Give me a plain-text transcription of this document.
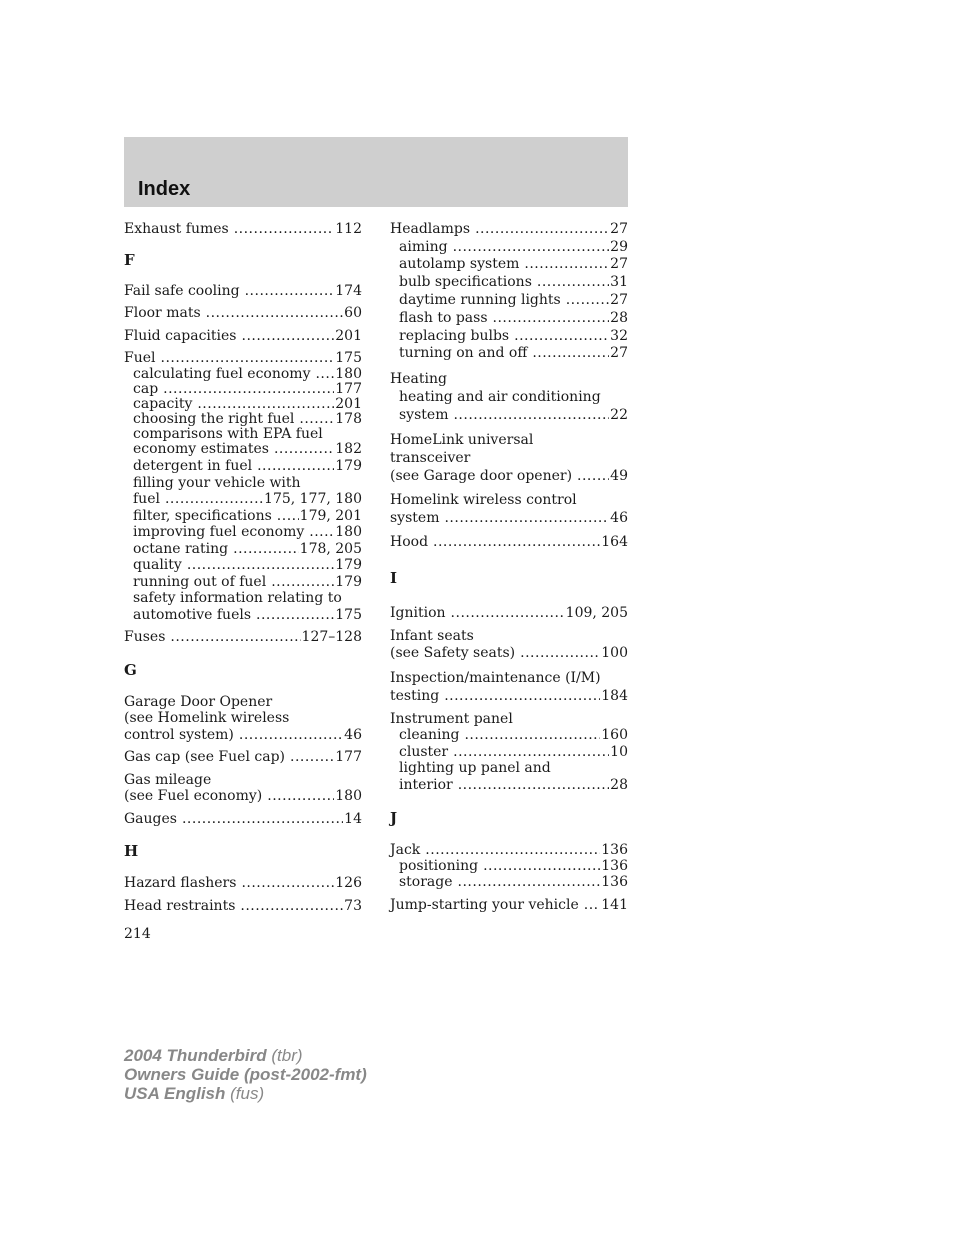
Index
Exhaust fumes .....	112
F
Fail safe cooling .....	174
Floor mats .....	60
Fluid capacities .....	201
Fuel .....	175
calculating fuel economy ..... 180
cap .....	177
capacity .....	201
choosing the right fuel .....	178
comparisons with EPA fuel
economy estimates .....	182
detergent in fuel .....	179
filling your vehicle with
fuel .....	175, 177, 180
filter, specifications ..... 179, 201
improving fuel economy ..... 180
octane rating .....	178, 205
quality .....	179
running out of fuel .....	179
safety information relating to
automotive fuels .....	175
Fuses .....	127–128
G
Garage Door Opener
(see Homelink wireless
control system) .....	46
Gas cap (see Fuel cap) .....	177
Gas mileage
(see Fuel economy) .....	180
Gauges .....	14
H
Hazard flashers .....	126
Head restraints .....	73
Headlamps .....	27
aiming .....	29
autolamp system .....	27
bulb specifications .....	31
daytime running lights .....	27
flash to pass .....	28
replacing bulbs .....	32
turning on and off .....	27
Heating
heating and air conditioning
system .....	22
HomeLink universal
transceiver
(see Garage door opener) .....	49
Homelink wireless control
system .....	46
Hood .....	164
I
Ignition .....	109, 205
Infant seats
(see Safety seats) .....	100
Inspection/maintenance (I/M)
testing .....	184
Instrument panel
cleaning .....	160
cluster .....	10
lighting up panel and
interior .....	28
J
Jack .....	136
positioning .....	136
storage .....	136
Jump-starting your vehicle ..... 141
214
2004 Thunderbird (tbr)
Owners Guide (post-2002-fmt)
USA English (fus)
